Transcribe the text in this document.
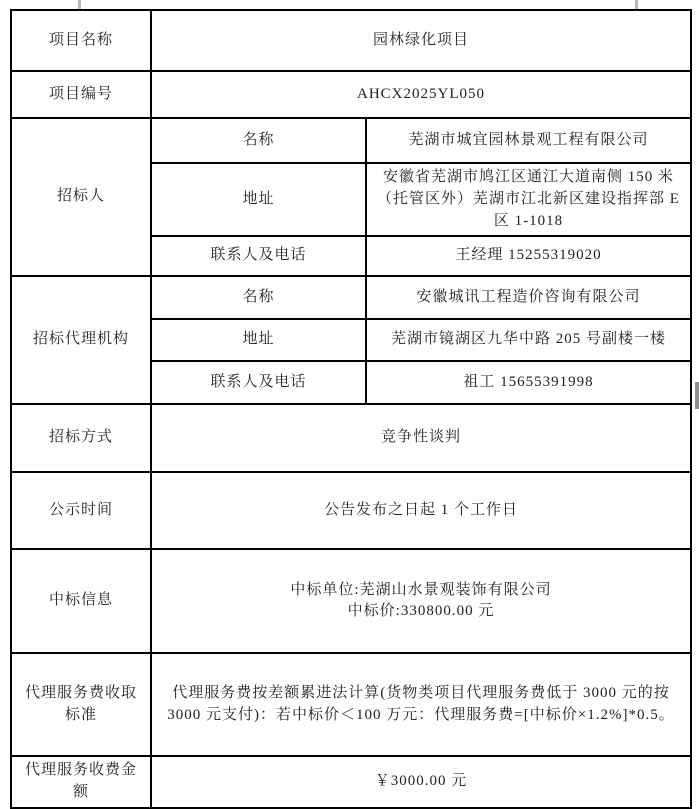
项目名称	园林绿化项目	
项目编号	AHCX2025YL050	
招标人	名称	芜湖市城宜园林景观工程有限公司
	地址	安徽省芜湖市鸠江区通江大道南侧 150 米（托管区外）芜湖市江北新区建设指挥部 E 区 1-1018
	联系人及电话	王经理 15255319020
招标代理机构	名称	安徽城讯工程造价咨询有限公司
	地址	芜湖市镜湖区九华中路 205 号副楼一楼
	联系人及电话	祖工 15655391998
招标方式	竞争性谈判	
公示时间	公告发布之日起 1 个工作日	
中标信息	中标单位:芜湖山水景观装饰有限公司
中标价:330800.00 元	

代理服务费收取标准	代理服务费按差额累进法计算(货物类项目代理服务费低于 3000 元的按 3000 元支付)：若中标价＜100 万元：代理服务费=[中标价×1.2%]*0.5。	
代理服务收费金额	￥3000.00 元	
